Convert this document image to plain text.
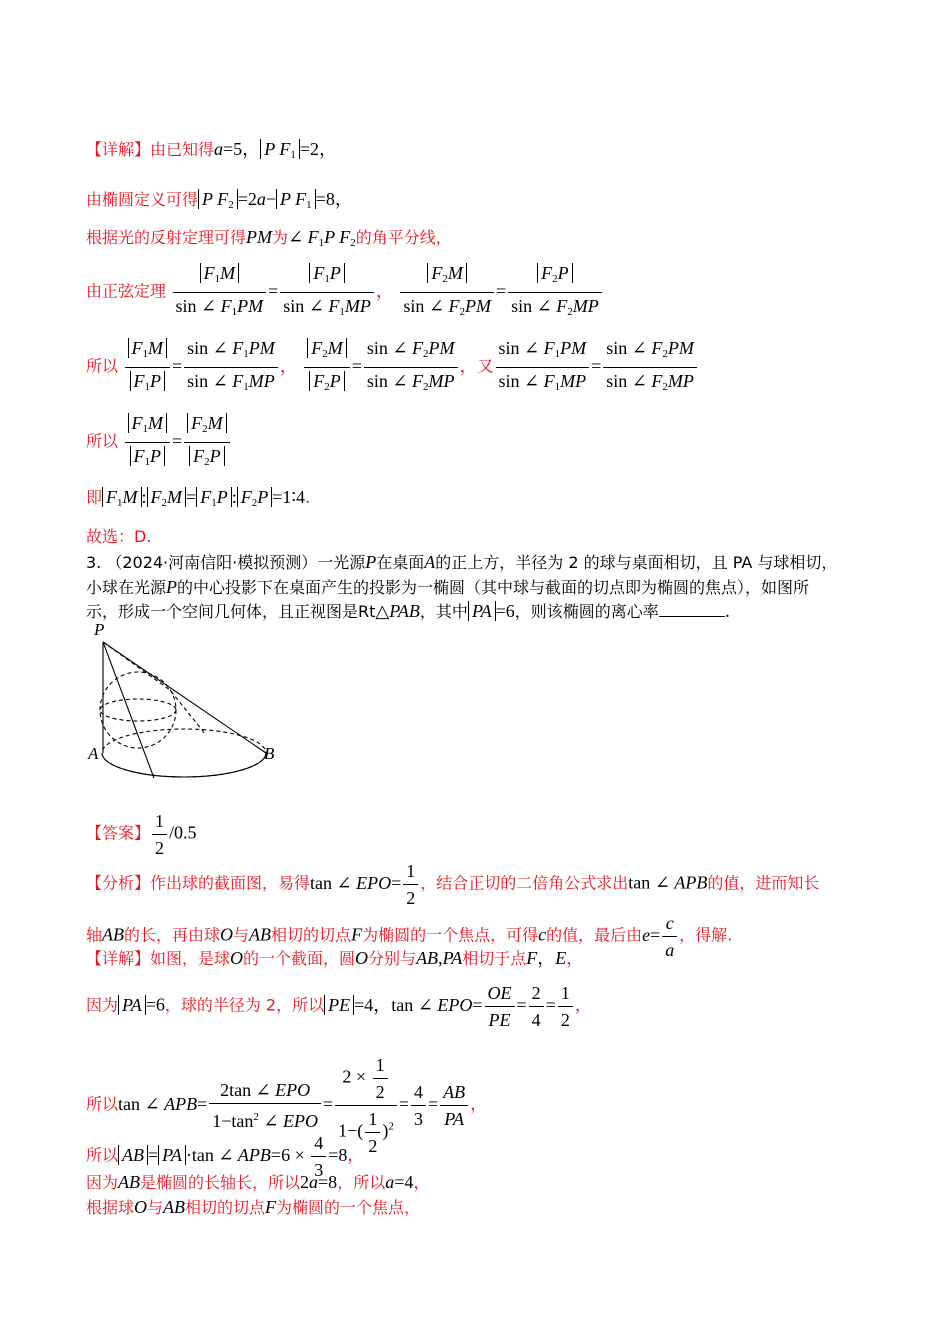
【详解】由已知得a=5， P $F_1 =2$，
由椭圆定义可得 P $F_2 =2a- P$ $F_1 =8$，
根据光的反射定理可得PM为∠ $F_1P$ $F_2$的角平分线，
由正弦定理 $\frac{F_1M}{\sin \angle F_1PM} = \frac{F_1P}{\sin \angle F_1MP}$ ， $\frac{F_2M}{\sin \angle F_2PM} = \frac{F_2P}{\sin \angle F_2MP}$
所以 $\frac{F_1M}{F_1P} = \frac{\sin \angle F_1PM}{\sin \angle F_1MP}$ ， $\frac{F_2M}{F_2P} = \frac{\sin \angle F_2PM}{\sin \angle F_2MP}$ ，又 $\frac{\sin \angle F_1PM}{\sin \angle F_1MP} = \frac{\sin \angle F_2PM}{\sin \angle F_2MP}$
所以 $\frac{F_1M}{F_1P} = \frac{F_2M}{F_2P}$
即 $F_1M$ : $F_2M = F_1P$ : $F_2P$ =1∶4.
故选：D.
3. （2024·河南信阳·模拟预测）一光源P在桌面A的正上方，半径为 2 的球与桌面相切，且 PA 与球相切，
小球在光源P的中心投影下在桌面产生的投影为一椭圆（其中球与截面的切点即为椭圆的焦点），如图所
示，形成一个空间几何体，且正视图是Rt△PAB，其中 PA =6，则该椭圆的离心率	.
P
A	B
【答案】 $\frac{1}{2} /0.5$
【分析】作出球的截面图，易得tan ∠ $EPO= \frac{1}{2}$ ，结合正切的二倍角公式求出tan ∠ APB的值，进而知长
轴AB的长，再由球O与AB相切的切点F为椭圆的一个焦点，可得c的值，最后由$e= \frac{c}{a}$ ，得解.
【详解】如图，是球O的一个截面，圆O分别与AB,PA相切于点F，E，
因为 PA =6，球的半径为 2，所以 PE =4，tan ∠ $EPO= \frac{OE}{PE} = \frac{2}{4} = \frac{1}{2}$ ，
所以tan ∠ $APB= \frac{\text{2tan ∠ EPO}}{1-\tan^2 \angle EPO} = \frac{2 \times \frac{1}{2}}{1-( \frac{1}{2} )^2} = \frac{4}{3} = \frac{AB}{PA}$ ，
所以 AB = PA ·tan ∠ $APB=6 \times \frac{4}{3} =8$，
因为AB是椭圆的长轴长，所以2a=8，所以a=4，
根据球O与AB相切的切点F为椭圆的一个焦点，
